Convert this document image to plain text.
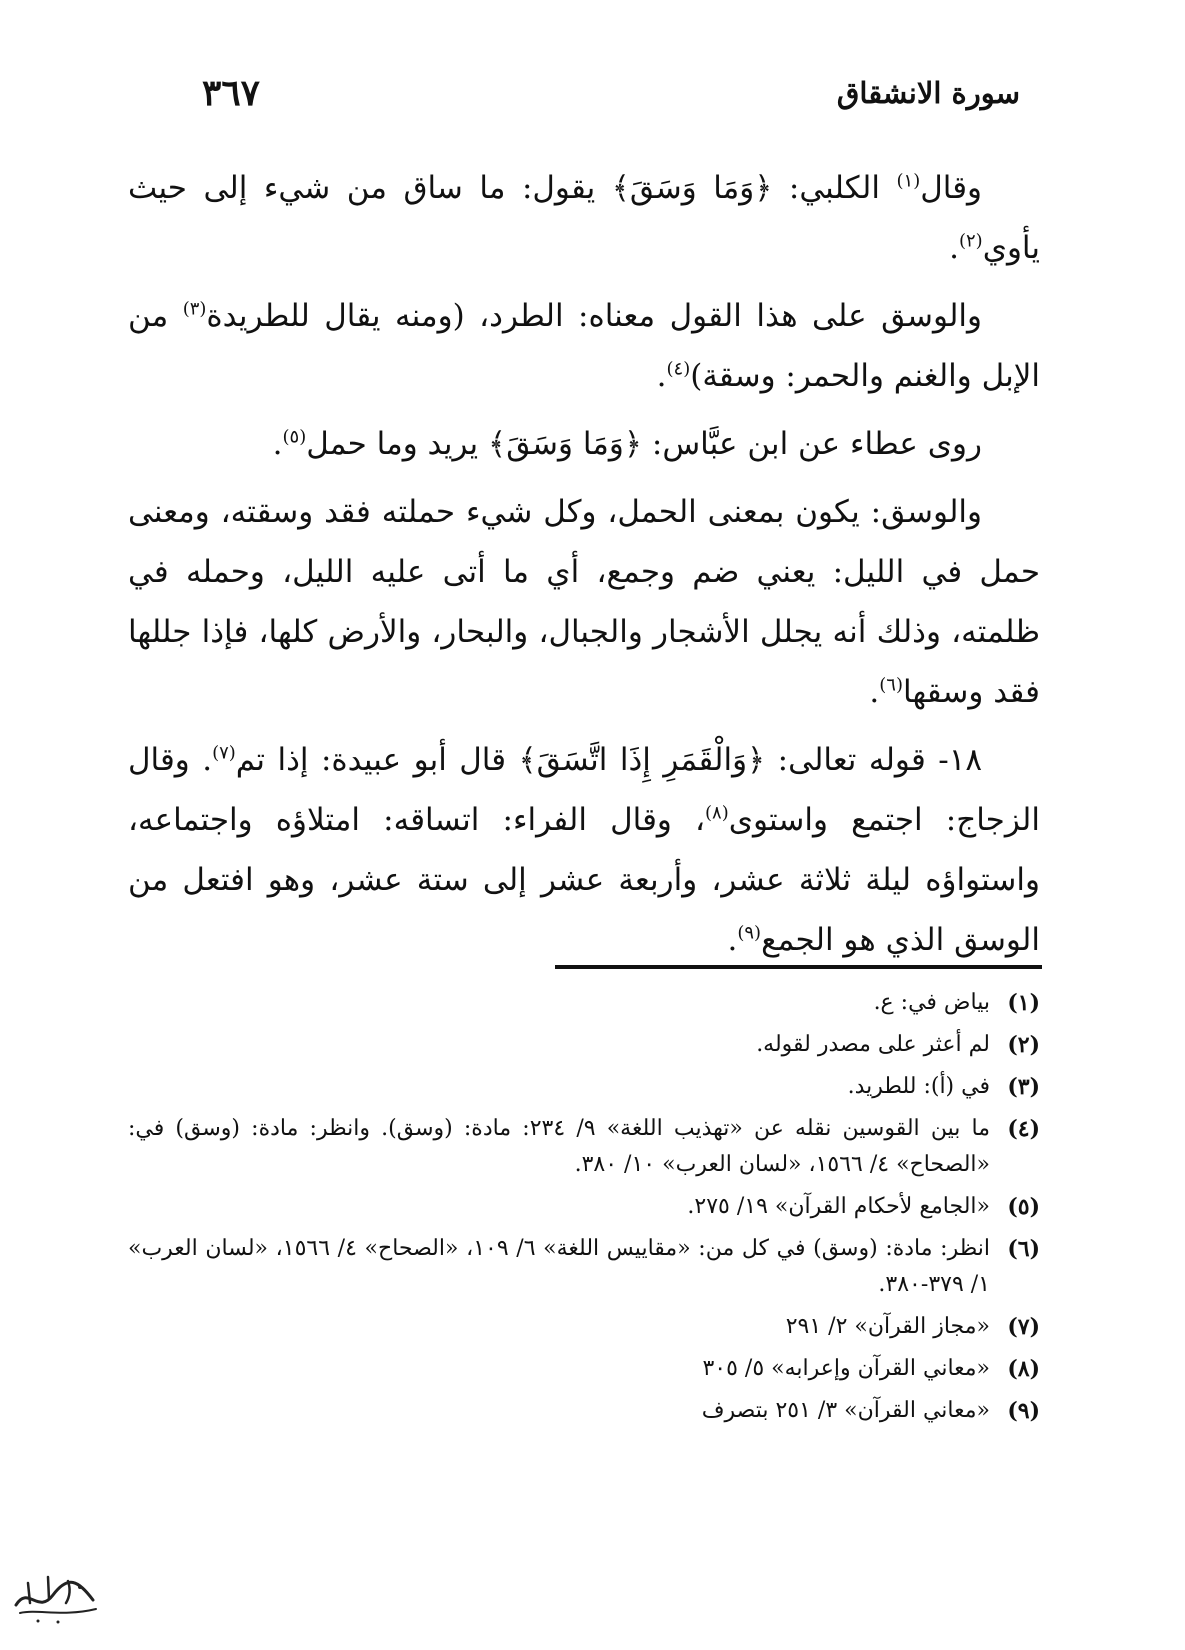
٣٦٧	سورة الانشقاق

وقال$^{(١)}$ الكلبي: ﴿وَمَا وَسَقَ﴾ يقول: ما ساق من شيء إلى حيث يأوي$^{(٢)}$.

والوسق على هذا القول معناه: الطرد، (ومنه يقال للطريدة$^{(٣)}$ من الإبل والغنم والحمر: وسقة)$^{(٤)}$.

روى عطاء عن ابن عبَّاس: ﴿وَمَا وَسَقَ﴾ يريد وما حمل$^{(٥)}$.

والوسق: يكون بمعنى الحمل، وكل شيء حملته فقد وسقته، ومعنى حمل في الليل: يعني ضم وجمع، أي ما أتى عليه الليل، وحمله في ظلمته، وذلك أنه يجلل الأشجار والجبال، والبحار، والأرض كلها، فإذا جللها فقد وسقها$^{(٦)}$.

١٨- قوله تعالى: ﴿وَالْقَمَرِ إِذَا اتَّسَقَ﴾ قال أبو عبيدة: إذا تم$^{(٧)}$. وقال الزجاج: اجتمع واستوى$^{(٨)}$، وقال الفراء: اتساقه: امتلاؤه واجتماعه، واستواؤه ليلة ثلاثة عشر، وأربعة عشر إلى ستة عشر، وهو افتعل من الوسق الذي هو الجمع$^{(٩)}$.

(١)
بياض في: ع.
(٢)
لم أعثر على مصدر لقوله.
(٣)
في (أ): للطريد.
(٤)
ما بين القوسين نقله عن «تهذيب اللغة» ٩/ ٢٣٤: مادة: (وسق). وانظر: مادة: (وسق) في: «الصحاح» ٤/ ١٥٦٦، «لسان العرب» ١٠/ ٣٨٠.
(٥)
«الجامع لأحكام القرآن» ١٩/ ٢٧٥.
(٦)
انظر: مادة: (وسق) في كل من: «مقاييس اللغة» ٦/ ١٠٩، «الصحاح» ٤/ ١٥٦٦، «لسان العرب» ١/ ٣٧٩-٣٨٠.
(٧)
«مجاز القرآن» ٢/ ٢٩١
(٨)
«معاني القرآن وإعرابه» ٥/ ٣٠٥
(٩)
«معاني القرآن» ٣/ ٢٥١ بتصرف
